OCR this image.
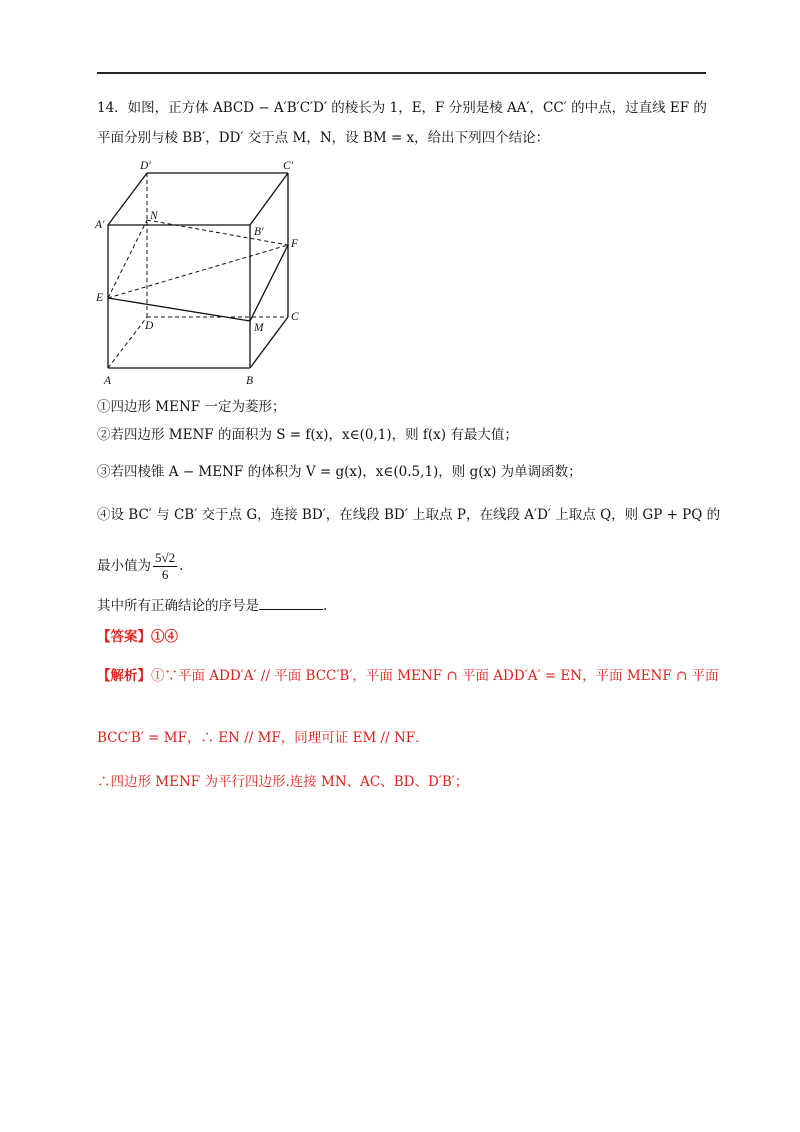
14．如图，正方体 ABCD − A′B′C′D′ 的棱长为 1，E，F 分别是棱 AA′，CC′ 的中点，过直线 EF 的
平面分别与棱 BB′，DD′ 交于点 M，N，设 BM = x，给出下列四个结论：
D′	C′
A′
B′
N
F
E
D	M
C
A	B
①四边形 MENF 一定为菱形；
②若四边形 MENF 的面积为 S = f(x)，x∈(0,1)，则 f(x) 有最大值；
③若四棱锥 A − MENF 的体积为 V = g(x)，x∈(0.5,1)，则 g(x) 为单调函数；
④设 BC′ 与 CB′ 交于点 G，连接 BD′，在线段 BD′ 上取点 P，在线段 A′D′ 上取点 Q，则 GP + PQ 的
最小值为 $\frac{5√2}{6}$ .
其中所有正确结论的序号是	.
【答案】①④
【解析】①∵平面 ADD′A′ // 平面 BCC′B′，平面 MENF ∩ 平面 ADD′A′ = EN，平面 MENF ∩ 平面
BCC′B′ = MF，∴ EN // MF，同理可证 EM // NF．
∴四边形 MENF 为平行四边形.连接 MN、AC、BD、D′B′；
